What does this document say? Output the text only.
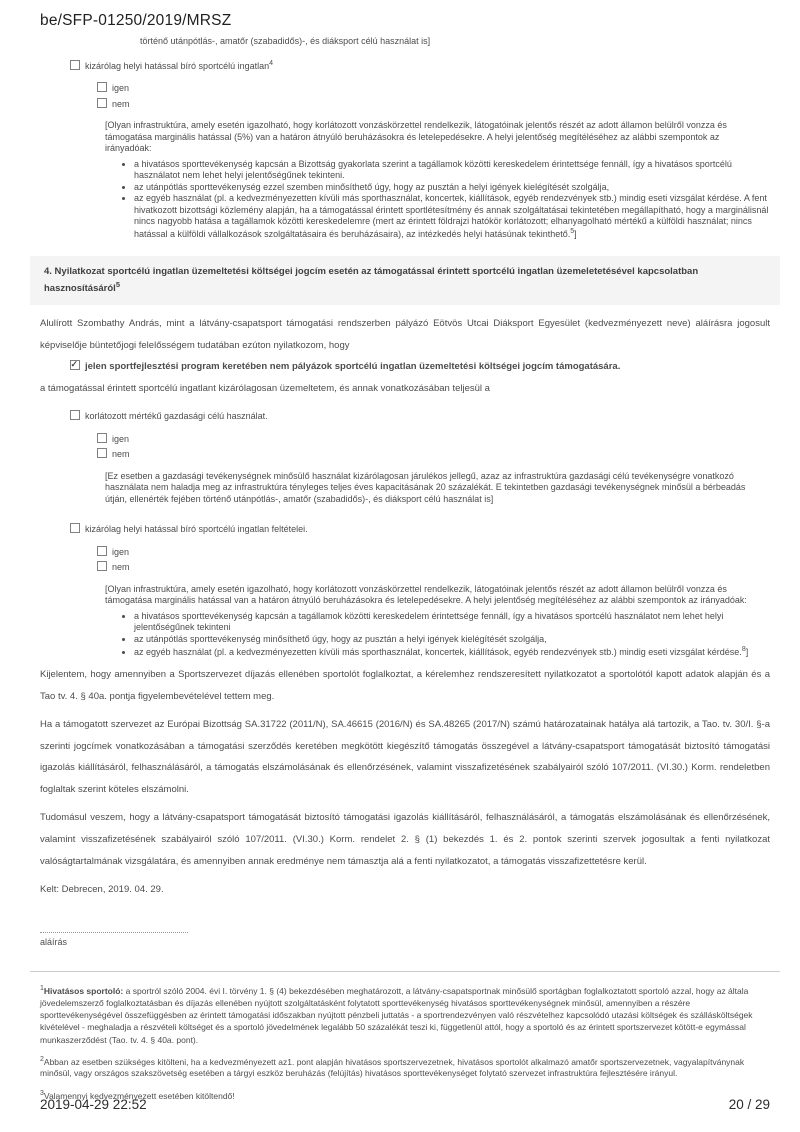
be/SFP-01250/2019/MRSZ
történő utánpótlás-, amatőr (szabadidős)-, és diáksport célú használat is]
kizárólag helyi hatással bíró sportcélú ingatlan$^4$
igen
nem
[Olyan infrastruktúra, amely esetén igazolható, hogy korlátozott vonzáskörzettel rendelkezik, látogatóinak jelentős részét az adott államon belülről vonzza és támogatása marginális hatással (5%) van a határon átnyúló beruházásokra és letelepedésekre. A helyi jelentőség megítéléséhez az alábbi szempontok az irányadóak:
• a hivatásos sporttevékenység kapcsán a Bizottság gyakorlata szerint a tagállamok közötti kereskedelem érintettsége fennáll, így a hivatásos sportcélú használatot nem lehet helyi jelentőségűnek tekinteni.
• az utánpótlás sporttevékenység ezzel szemben minősíthető úgy, hogy az pusztán a helyi igények kielégítését szolgálja,
• az egyéb használat (pl. a kedvezményezetten kívüli más sporthasználat, koncertek, kiállítások, egyéb rendezvények stb.) mindig eseti vizsgálat kérdése. A fent hivatkozott bizottsági közlemény alapján, ha a támogatással érintett sportlétesítmény és annak szolgáltatásai tekintetében megállapítható, hogy a marginálisnál nincs nagyobb hatása a tagállamok közötti kereskedelemre (mert az érintett földrajzi hatókör korlátozott; elhanyagolható mértékű a külföldi használat; nincs hatással a külföldi vállalkozások szolgáltatásaira és beruházásaira), az intézkedés helyi hatásúnak tekinthető.$^5$]
4. Nyilatkozat sportcélú ingatlan üzemeltetési költségei jogcím esetén az támogatással érintett sportcélú ingatlan üzemeletetésével kapcsolatban hasznosításáról$^5$

Alulírott Szombathy András, mint a látvány-csapatsport támogatási rendszerben pályázó Eötvös Utcai Diáksport Egyesület (kedvezményezett neve) aláírásra jogosult képviselője büntetőjogi felelősségem tudatában ezúton nyilatkozom, hogy

✓jelen sportfejlesztési program keretében nem pályázok sportcélú ingatlan üzemeltetési költségei jogcím támogatására.

a támogatással érintett sportcélú ingatlant kizárólagosan üzemeltetem, és annak vonatkozásában teljesül a

korlátozott mértékű gazdasági célú használat.
igen
nem
[Ez esetben a gazdasági tevékenységnek minősülő használat kizárólagosan járulékos jellegű, azaz az infrastruktúra gazdasági célú tevékenységre vonatkozó használata nem haladja meg az infrastruktúra tényleges teljes éves kapacitásának 20 százalékát. E tekintetben gazdasági tevékenységnek minősül a bérbeadás útján, ellenérték fejében történő utánpótlás-, amatőr (szabadidős)-, és diáksport célú használat is]
kizárólag helyi hatással bíró sportcélú ingatlan feltételei.
igen
nem
[Olyan infrastruktúra, amely esetén igazolható, hogy korlátozott vonzáskörzettel rendelkezik, látogatóinak jelentős részét az adott államon belülről vonzza és támogatása marginális hatással van a határon átnyúló beruházásokra és letelepedésekre. A helyi jelentőség megítéléséhez az alábbi szempontok az irányadóak:
• a hivatásos sporttevékenység kapcsán a tagállamok közötti kereskedelem érintettsége fennáll, így a hivatásos sportcélú használatot nem lehet helyi jelentőségűnek tekinteni
• az utánpótlás sporttevékenység minősíthető úgy, hogy az pusztán a helyi igények kielégítését szolgálja,
• az egyéb használat (pl. a kedvezményezetten kívüli más sporthasználat, koncertek, kiállítások, egyéb rendezvények stb.) mindig eseti vizsgálat kérdése.$^8$]

Kijelentem, hogy amennyiben a Sportszervezet díjazás ellenében sportolót foglalkoztat, a kérelemhez rendszeresített nyilatkozatot a sportolótól kapott adatok alapján és a Tao tv. 4. § 40a. pontja figyelembevételével tettem meg.

Ha a támogatott szervezet az Európai Bizottság SA.31722 (2011/N), SA.46615 (2016/N) és SA.48265 (2017/N) számú határozatainak hatálya alá tartozik, a Tao. tv. 30/I. §-a szerinti jogcímek vonatkozásában a támogatási szerződés keretében megkötött kiegészítő támogatás összegével a látvány-csapatsport támogatását biztosító támogatási igazolás kiállításáról, felhasználásáról, a támogatás elszámolásának és ellenőrzésének, valamint visszafizetésének szabályairól szóló 107/2011. (VI.30.) Korm. rendeletben foglaltak szerint köteles elszámolni.

Tudomásul veszem, hogy a látvány-csapatsport támogatását biztosító támogatási igazolás kiállításáról, felhasználásáról, a támogatás elszámolásának és ellenőrzésének, valamint visszafizetésének szabályairól szóló 107/2011. (VI.30.) Korm. rendelet 2. § (1) bekezdés 1. és 2. pontok szerinti szervek jogosultak a fenti nyilatkozat valóságtartalmának vizsgálatára, és amennyiben annak eredménye nem támasztja alá a fenti nyilatkozatot, a támogatás visszafizettetésre kerül.

Kelt: Debrecen, 2019. 04. 29.

aláírás

$^1$Hivatásos sportoló: a sportról szóló 2004. évi I. törvény 1. § (4) bekezdésében meghatározott, a látvány-csapatsportnak minősülő sportágban foglalkoztatott sportoló azzal, hogy az általa jövedelemszerző foglalkoztatásban és díjazás ellenében nyújtott szolgáltatásként folytatott sporttevékenység hivatásos sporttevékenységnek minősül, amennyiben a részére sporttevékenységével összefüggésben az érintett támogatási időszakban nyújtott pénzbeli juttatás - a sportrendezvényen való részvételhez kapcsolódó utazási költségek és szállásköltségek kivételével - meghaladja a részvételi költséget és a sportoló jövedelmének legalább 50 százalékát teszi ki, függetlenül attól, hogy a sportoló és az érintett sportszervezet kötött-e egymással munkaszerződést (Tao. tv. 4. § 40a. pont).

$^2$Abban az esetben szükséges kitölteni, ha a kedvezményezett az1. pont alapján hivatásos sportszervezetnek, hivatásos sportolót alkalmazó amatőr sportszervezetnek, vagyalapítványnak minősül, vagy országos szakszövetség esetében a tárgyi eszköz beruházás (felújítás) hivatásos sporttevékenységet folytató szervezet infrastruktúra fejlesztésére irányul.

$^3$Valamennyi kedvezményezett esetében kitöltendő!

2019-04-29 22:52	20 / 29
